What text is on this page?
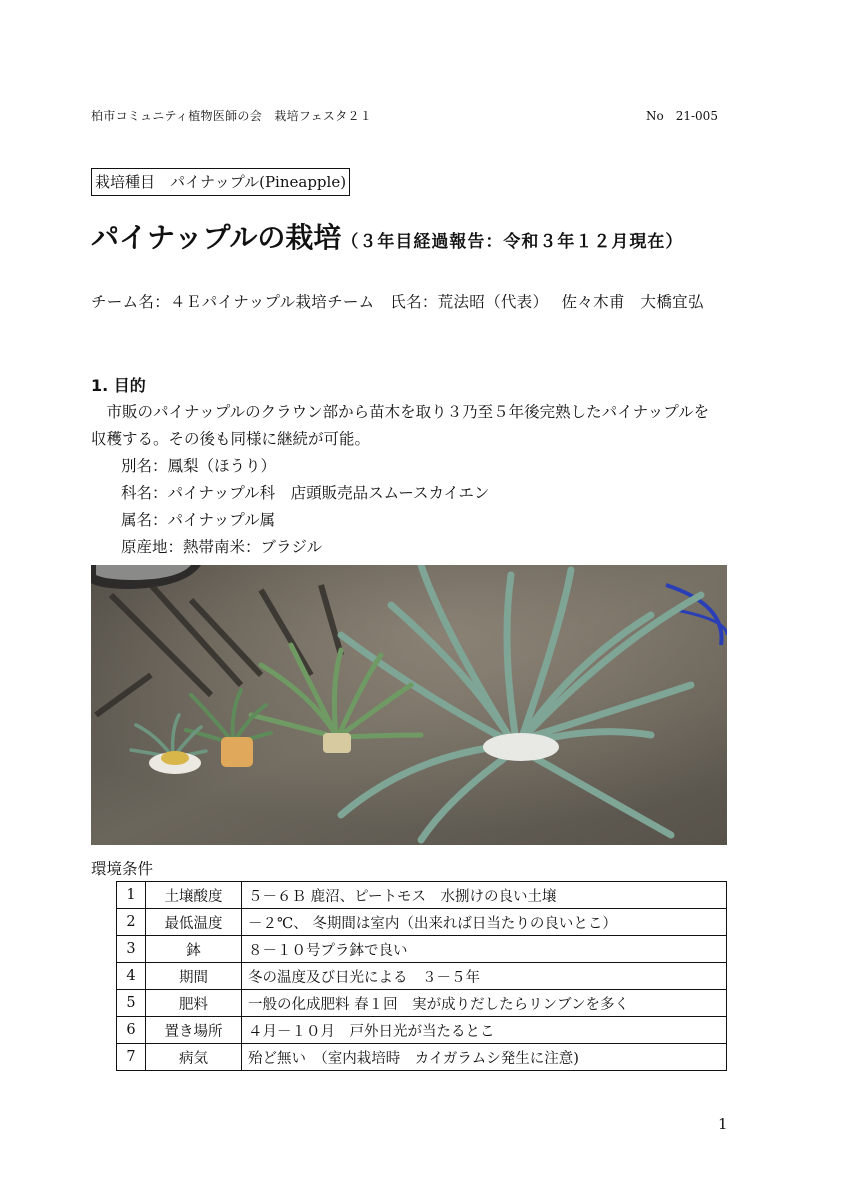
柏市コミュニティ植物医師の会　栽培フェスタ２１	No　21-005
栽培種目　パイナップル(Pineapple)
パイナップルの栽培（３年目経過報告：令和３年１２月現在）
チーム名：４Ｅパイナップル栽培チーム　氏名：荒法昭（代表）　 佐々木甫　大橋宜弘
1. 目的
　市販のパイナップルのクラウン部から苗木を取り３乃至５年後完熟したパイナップルを
収穫する。その後も同様に継続が可能。
別名：鳳梨（ほうり）
科名：パイナップル科　店頭販売品スムースカイエン
属名：パイナップル属
原産地：熱帯南米：ブラジル
環境条件
1	土壌酸度	５－６Ｂ 鹿沼、ピートモス　水捌けの良い土壌
2	最低温度	－２℃、 冬期間は室内（出来れば日当たりの良いとこ）
3	鉢	８－１０号プラ鉢で良い
4	期間	冬の温度及び日光による　３－５年
5	肥料	一般の化成肥料 春１回　実が成りだしたらリンブンを多く
6	置き場所	４月－１０月　戸外日光が当たるとこ
7	病気	殆ど無い　（室内栽培時　カイガラムシ発生に注意)
1
